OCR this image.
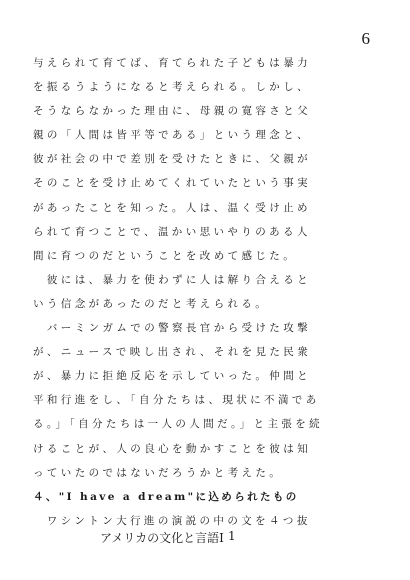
6
与えられて育てば、育てられた子どもは暴力
を振るうようになると考えられる。しかし、
そうならなかった理由に、母親の寛容さと父
親の「人間は皆平等である」という理念と、
彼が社会の中で差別を受けたときに、父親が
そのことを受け止めてくれていたという事実
があったことを知った。人は、温く受け止め
られて育つことで、温かい思いやりのある人
間に育つのだということを改めて感じた。
　彼には、暴力を使わずに人は解り合えると
いう信念があったのだと考えられる。
　バーミンガムでの警察長官から受けた攻撃
が、ニュースで映し出され、それを見た民衆
が、暴力に拒絶反応を示していった。仲間と
平和行進をし、「自分たちは、現状に不満であ
る。」「自分たちは一人の人間だ。」と主張を続
けることが、人の良心を動かすことを彼は知
っていたのではないだろうかと考えた。
４、"I have a dream"に込められたもの
　ワシントン大行進の演説の中の文を４つ抜
アメリカの文化と言語Ⅰ 1
